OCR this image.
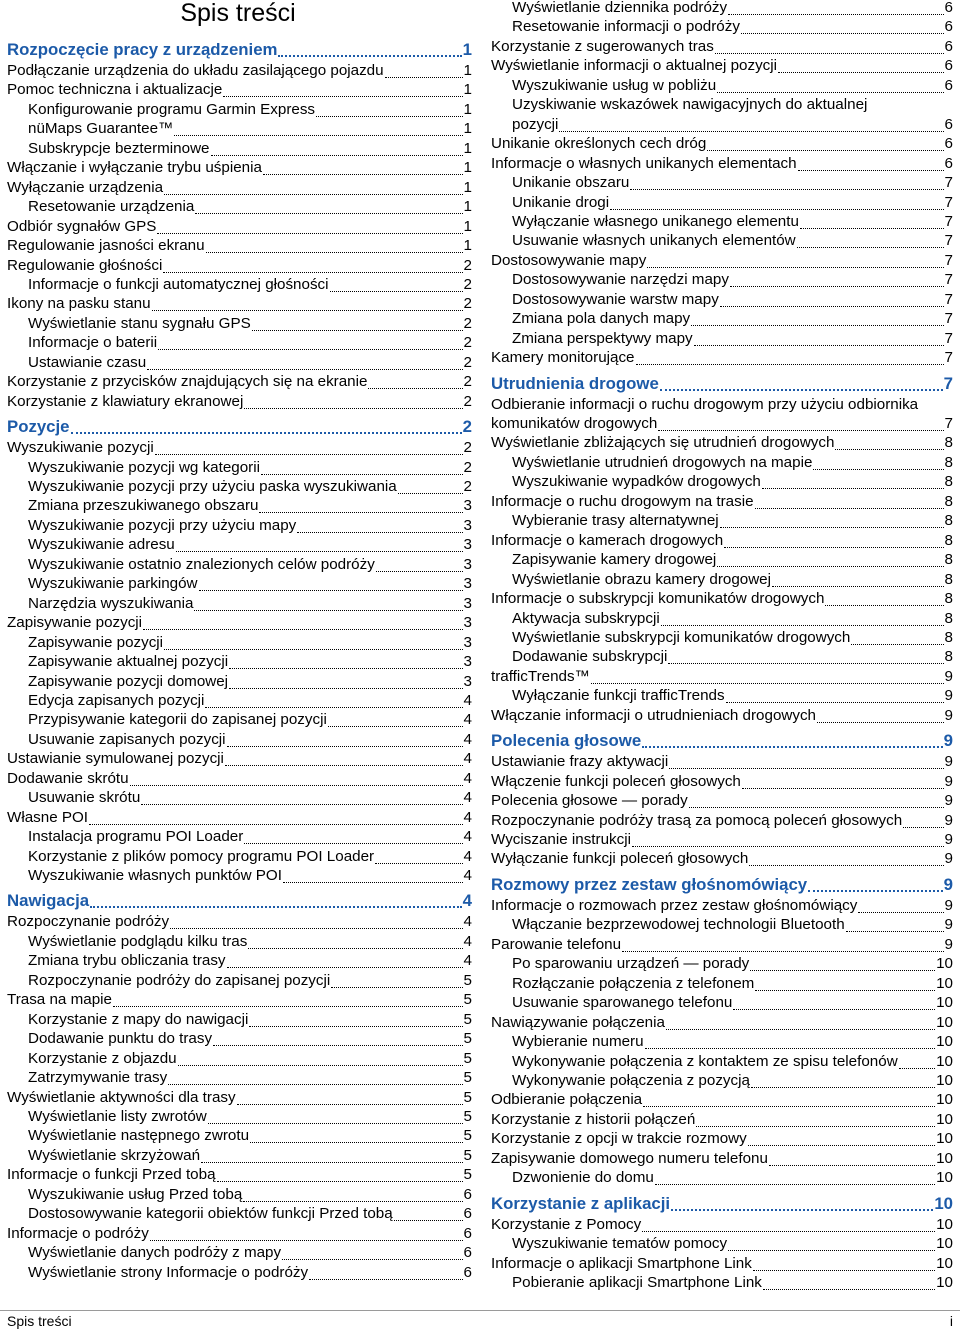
Spis treści
Rozpoczęcie pracy z urządzeniem	1
Podłączanie urządzenia do układu zasilającego pojazdu	1
Pomoc techniczna i aktualizacje	1
Konfigurowanie programu Garmin Express	1
nüMaps Guarantee™	1
Subskrypcje bezterminowe	1
Włączanie i wyłączanie trybu uśpienia	1
Wyłączanie urządzenia	1
Resetowanie urządzenia	1
Odbiór sygnałów GPS	1
Regulowanie jasności ekranu	1
Regulowanie głośności	2
Informacje o funkcji automatycznej głośności	2
Ikony na pasku stanu	2
Wyświetlanie stanu sygnału GPS	2
Informacje o baterii	2
Ustawianie czasu	2
Korzystanie z przycisków znajdujących się na ekranie	2
Korzystanie z klawiatury ekranowej	2
Pozycje	2
Wyszukiwanie pozycji	2
Wyszukiwanie pozycji wg kategorii	2
Wyszukiwanie pozycji przy użyciu paska wyszukiwania	2
Zmiana przeszukiwanego obszaru	3
Wyszukiwanie pozycji przy użyciu mapy	3
Wyszukiwanie adresu	3
Wyszukiwanie ostatnio znalezionych celów podróży	3
Wyszukiwanie parkingów	3
Narzędzia wyszukiwania	3
Zapisywanie pozycji	3
Zapisywanie pozycji	3
Zapisywanie aktualnej pozycji	3
Zapisywanie pozycji domowej	3
Edycja zapisanych pozycji	4
Przypisywanie kategorii do zapisanej pozycji	4
Usuwanie zapisanych pozycji	4
Ustawianie symulowanej pozycji	4
Dodawanie skrótu	4
Usuwanie skrótu	4
Własne POI	4
Instalacja programu POI Loader	4
Korzystanie z plików pomocy programu POI Loader	4
Wyszukiwanie własnych punktów POI	4
Nawigacja	4
Rozpoczynanie podróży	4
Wyświetlanie podglądu kilku tras	4
Zmiana trybu obliczania trasy	4
Rozpoczynanie podróży do zapisanej pozycji	5
Trasa na mapie	5
Korzystanie z mapy do nawigacji	5
Dodawanie punktu do trasy	5
Korzystanie z objazdu	5
Zatrzymywanie trasy	5
Wyświetlanie aktywności dla trasy	5
Wyświetlanie listy zwrotów	5
Wyświetlanie następnego zwrotu	5
Wyświetlanie skrzyżowań	5
Informacje o funkcji Przed tobą	5
Wyszukiwanie usług Przed tobą	6
Dostosowywanie kategorii obiektów funkcji Przed tobą	6
Informacje o podróży	6
Wyświetlanie danych podróży z mapy	6
Wyświetlanie strony Informacje o podróży	6
Wyświetlanie dziennika podróży	6
Resetowanie informacji o podróży	6
Korzystanie z sugerowanych tras	6
Wyświetlanie informacji o aktualnej pozycji	6
Wyszukiwanie usług w pobliżu	6
Uzyskiwanie wskazówek nawigacyjnych do aktualnej
pozycji	6
Unikanie określonych cech dróg	6
Informacje o własnych unikanych elementach	6
Unikanie obszaru	7
Unikanie drogi	7
Wyłączanie własnego unikanego elementu	7
Usuwanie własnych unikanych elementów	7
Dostosowywanie mapy	7
Dostosowywanie narzędzi mapy	7
Dostosowywanie warstw mapy	7
Zmiana pola danych mapy	7
Zmiana perspektywy mapy	7
Kamery monitorujące	7
Utrudnienia drogowe	7
Odbieranie informacji o ruchu drogowym przy użyciu odbiornika
komunikatów drogowych	7
Wyświetlanie zbliżających się utrudnień drogowych	8
Wyświetlanie utrudnień drogowych na mapie	8
Wyszukiwanie wypadków drogowych	8
Informacje o ruchu drogowym na trasie	8
Wybieranie trasy alternatywnej	8
Informacje o kamerach drogowych	8
Zapisywanie kamery drogowej	8
Wyświetlanie obrazu kamery drogowej	8
Informacje o subskrypcji komunikatów drogowych	8
Aktywacja subskrypcji	8
Wyświetlanie subskrypcji komunikatów drogowych	8
Dodawanie subskrypcji	8
trafficTrends™	9
Wyłączanie funkcji trafficTrends	9
Włączanie informacji o utrudnieniach drogowych	9
Polecenia głosowe	9
Ustawianie frazy aktywacji	9
Włączenie funkcji poleceń głosowych	9
Polecenia głosowe — porady	9
Rozpoczynanie podróży trasą za pomocą poleceń głosowych	9
Wyciszanie instrukcji	9
Wyłączanie funkcji poleceń głosowych	9
Rozmowy przez zestaw głośnomówiący	9
Informacje o rozmowach przez zestaw głośnomówiący	9
Włączanie bezprzewodowej technologii Bluetooth	9
Parowanie telefonu	9
Po sparowaniu urządzeń — porady	10
Rozłączanie połączenia z telefonem	10
Usuwanie sparowanego telefonu	10
Nawiązywanie połączenia	10
Wybieranie numeru	10
Wykonywanie połączenia z kontaktem ze spisu telefonów	10
Wykonywanie połączenia z pozycją	10
Odbieranie połączenia	10
Korzystanie z historii połączeń	10
Korzystanie z opcji w trakcie rozmowy	10
Zapisywanie domowego numeru telefonu	10
Dzwonienie do domu	10
Korzystanie z aplikacji	10
Korzystanie z Pomocy	10
Wyszukiwanie tematów pomocy	10
Informacje o aplikacji Smartphone Link	10
Pobieranie aplikacji Smartphone Link	10
Spis treści	i
